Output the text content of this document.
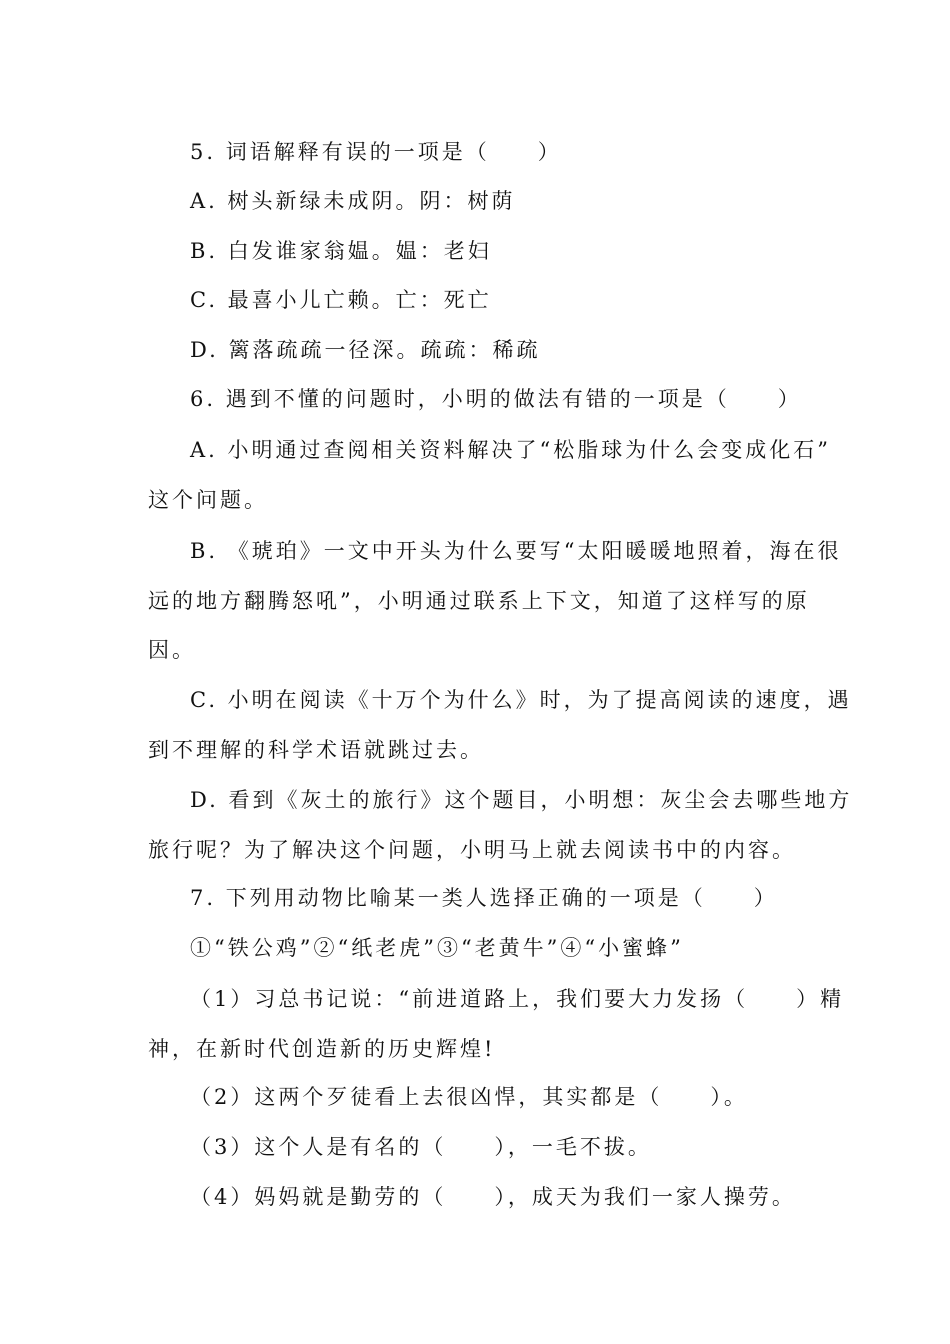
5. 词语解释有误的一项是（　　）
A. 树头新绿未成阴。阴：树荫
B. 白发谁家翁媪。媪：老妇
C. 最喜小儿亡赖。亡：死亡
D. 篱落疏疏一径深。疏疏：稀疏
6. 遇到不懂的问题时，小明的做法有错的一项是（　　）
A. 小明通过查阅相关资料解决了“松脂球为什么会变成化石”
这个问题。
B. 《琥珀》一文中开头为什么要写“太阳暖暖地照着，海在很
远的地方翻腾怒吼”，小明通过联系上下文，知道了这样写的原
因。
C. 小明在阅读《十万个为什么》时，为了提高阅读的速度，遇
到不理解的科学术语就跳过去。
D. 看到《灰土的旅行》这个题目，小明想：灰尘会去哪些地方
旅行呢？为了解决这个问题，小明马上就去阅读书中的内容。
7. 下列用动物比喻某一类人选择正确的一项是（　　）
①“铁公鸡”②“纸老虎”③“老黄牛”④“小蜜蜂”
（1）习总书记说：“前进道路上，我们要大力发扬（　　）精
神，在新时代创造新的历史辉煌!
（2）这两个歹徒看上去很凶悍，其实都是（　　）。
（3）这个人是有名的（　　），一毛不拔。
（4）妈妈就是勤劳的（　　），成天为我们一家人操劳。
